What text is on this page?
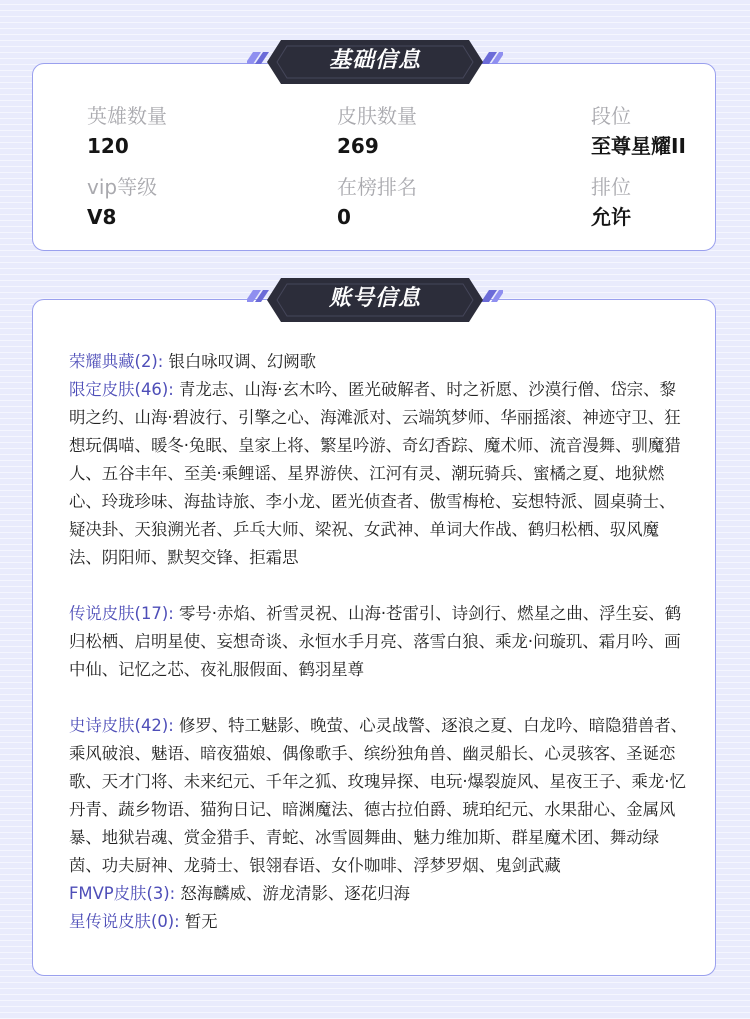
英雄数量
120
皮肤数量
269
段位
至尊星耀II
vip等级
V8
在榜排名
0
排位
允许
基础信息
荣耀典藏(2): 银白咏叹调、幻阙歌
限定皮肤(46): 青龙志、山海·玄木吟、匿光破解者、时之祈愿、沙漠行僧、岱宗、黎明之约、山海·碧波行、引擎之心、海滩派对、云端筑梦师、华丽摇滚、神迹守卫、狂想玩偶喵、暖冬·兔眠、皇家上将、繁星吟游、奇幻香踪、魔术师、流音漫舞、驯魔猎人、五谷丰年、至美·乘鲤谣、星界游侠、江河有灵、潮玩骑兵、蜜橘之夏、地狱燃心、玲珑珍味、海盐诗旅、李小龙、匿光侦查者、傲雪梅枪、妄想特派、圆桌骑士、疑决卦、天狼溯光者、乒乓大师、梁祝、女武神、单词大作战、鹤归松栖、驭风魔法、阴阳师、默契交锋、拒霜思
传说皮肤(17): 零号·赤焰、祈雪灵祝、山海·苍雷引、诗剑行、燃星之曲、浮生妄、鹤归松栖、启明星使、妄想奇谈、永恒水手月亮、落雪白狼、乘龙·问璇玑、霜月吟、画中仙、记忆之芯、夜礼服假面、鹤羽星尊
史诗皮肤(42): 修罗、特工魅影、晚萤、心灵战警、逐浪之夏、白龙吟、暗隐猎兽者、乘风破浪、魅语、暗夜猫娘、偶像歌手、缤纷独角兽、幽灵船长、心灵骇客、圣诞恋歌、天才门将、未来纪元、千年之狐、玫瑰异探、电玩·爆裂旋风、星夜王子、乘龙·忆丹青、蔬乡物语、猫狗日记、暗渊魔法、德古拉伯爵、琥珀纪元、水果甜心、金属风暴、地狱岩魂、赏金猎手、青蛇、冰雪圆舞曲、魅力维加斯、群星魔术团、舞动绿茵、功夫厨神、龙骑士、银翎春语、女仆咖啡、浮梦罗烟、鬼剑武藏
FMVP皮肤(3): 怒海麟威、游龙清影、逐花归海
星传说皮肤(0): 暂无
账号信息
